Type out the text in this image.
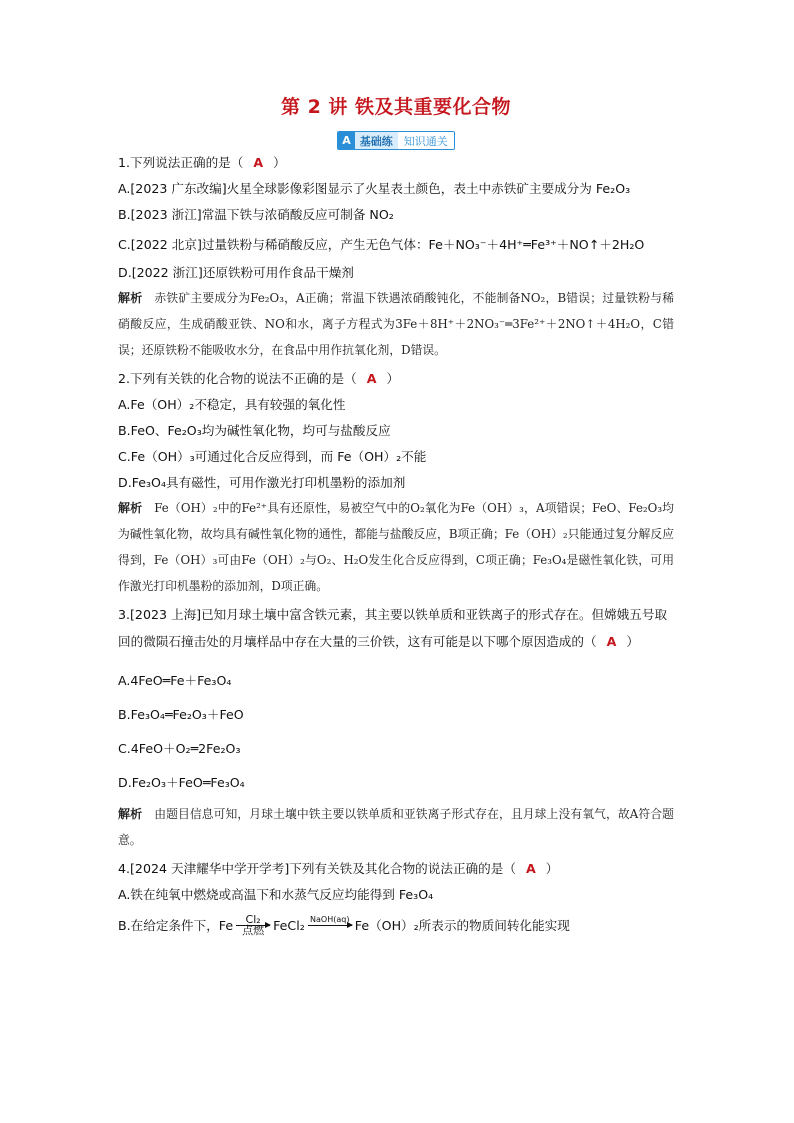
第 2 讲 铁及其重要化合物
A 基础练	知识通关
1.下列说法正确的是（ A ）
A.[2023 广东改编]火星全球影像彩图显示了火星表土颜色，表土中赤铁矿主要成分为 Fe₂O₃
B.[2023 浙江]常温下铁与浓硝酸反应可制备 NO₂
C.[2022 北京]过量铁粉与稀硝酸反应，产生无色气体：Fe＋NO₃⁻＋4H⁺═Fe³⁺＋NO↑＋2H₂O
D.[2022 浙江]还原铁粉可用作食品干燥剂
解析 赤铁矿主要成分为Fe₂O₃，A正确；常温下铁遇浓硝酸钝化，不能制备NO₂，B错误；过量铁粉与稀硝酸反应，生成硝酸亚铁、NO和水，离子方程式为3Fe＋8H⁺＋2NO₃⁻═3Fe²⁺＋2NO↑＋4H₂O，C错误；还原铁粉不能吸收水分，在食品中用作抗氧化剂，D错误。
2.下列有关铁的化合物的说法不正确的是（ A ）
A.Fe（OH）₂不稳定，具有较强的氧化性
B.FeO、Fe₂O₃均为碱性氧化物，均可与盐酸反应
C.Fe（OH）₃可通过化合反应得到，而 Fe（OH）₂不能
D.Fe₃O₄具有磁性，可用作激光打印机墨粉的添加剂
解析 Fe（OH）₂中的Fe²⁺具有还原性，易被空气中的O₂氧化为Fe（OH）₃，A项错误；FeO、Fe₂O₃均为碱性氧化物，故均具有碱性氧化物的通性，都能与盐酸反应，B项正确；Fe（OH）₂只能通过复分解反应得到，Fe（OH）₃可由Fe（OH）₂与O₂、H₂O发生化合反应得到，C项正确；Fe₃O₄是磁性氧化铁，可用作激光打印机墨粉的添加剂，D项正确。
3.[2023 上海]已知月球土壤中富含铁元素，其主要以铁单质和亚铁离子的形式存在。但嫦娥五号取回的微陨石撞击处的月壤样品中存在大量的三价铁，这有可能是以下哪个原因造成的（ A ）
A.4FeO═Fe＋Fe₃O₄
B.Fe₃O₄═Fe₂O₃＋FeO
C.4FeO＋O₂═2Fe₂O₃
D.Fe₂O₃＋FeO═Fe₃O₄
解析 由题目信息可知，月球土壤中铁主要以铁单质和亚铁离子形式存在，且月球上没有氧气，故A符合题意。
4.[2024 天津耀华中学开学考]下列有关铁及其化合物的说法正确的是（ A ）
A.铁在纯氧中燃烧或高温下和水蒸气反应均能得到 Fe₃O₄
B.在给定条件下，Fe Cl₂
点燃 FeCl₂ NaOH(aq) Fe（OH）₂所表示的物质间转化能实现
